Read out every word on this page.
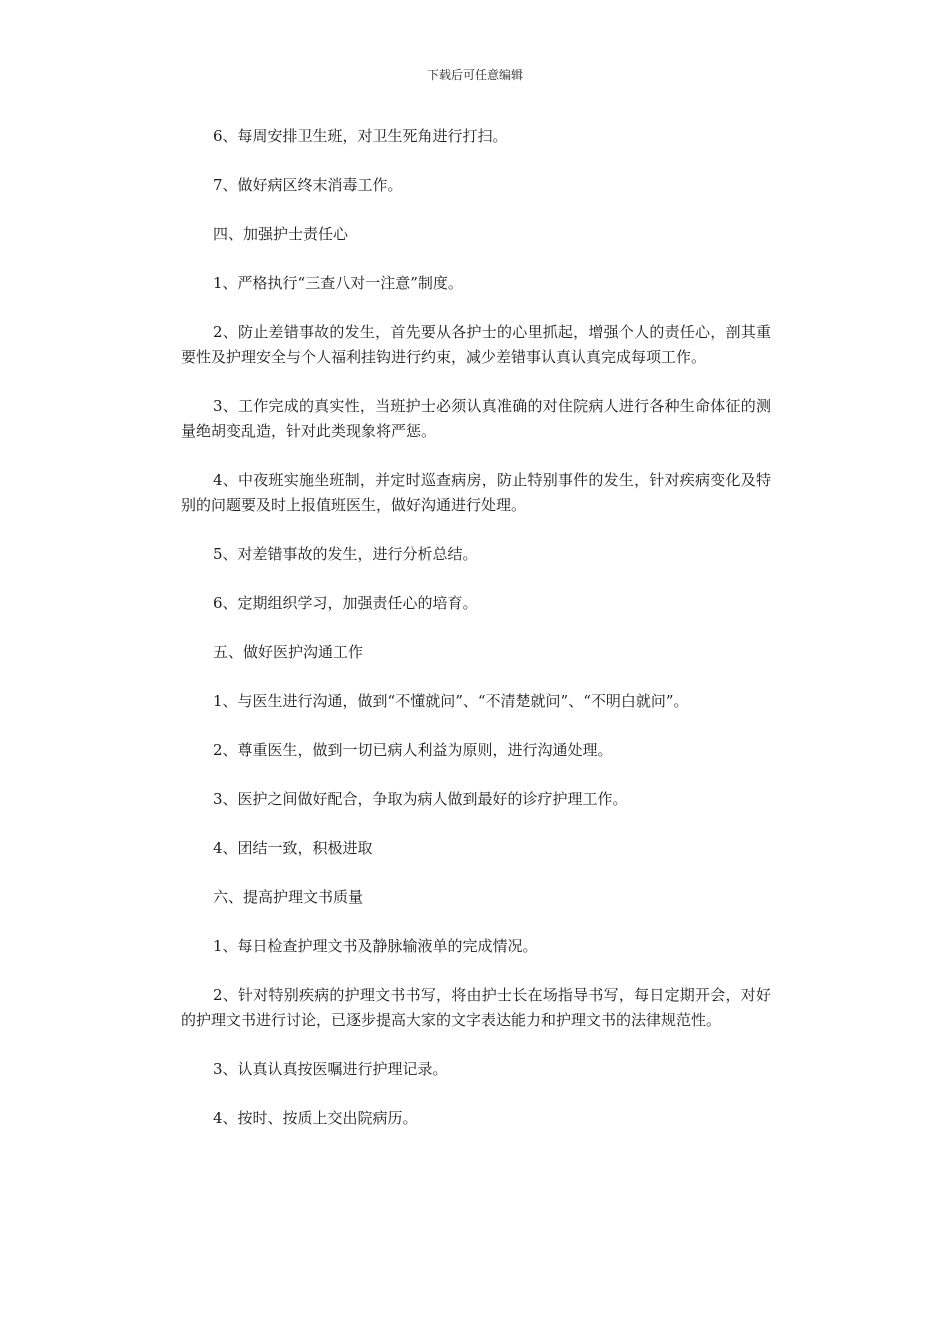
下载后可任意编辑

6、每周安排卫生班，对卫生死角进行打扫。

7、做好病区终末消毒工作。

四、加强护士责任心

1、严格执行“三查八对一注意”制度。

2、防止差错事故的发生，首先要从各护士的心里抓起，增强个人的责任心，剖其重要性及护理安全与个人福利挂钩进行约束，减少差错事认真认真完成每项工作。

3、工作完成的真实性，当班护士必须认真准确的对住院病人进行各种生命体征的测量绝胡变乱造，针对此类现象将严惩。

4、中夜班实施坐班制，并定时巡查病房，防止特别事件的发生，针对疾病变化及特别的问题要及时上报值班医生，做好沟通进行处理。

5、对差错事故的发生，进行分析总结。

6、定期组织学习，加强责任心的培育。

五、做好医护沟通工作

1、与医生进行沟通，做到“不懂就问”、“不清楚就问”、“不明白就问”。

2、尊重医生，做到一切已病人利益为原则，进行沟通处理。

3、医护之间做好配合，争取为病人做到最好的诊疗护理工作。

4、团结一致，积极进取

六、提高护理文书质量

1、每日检查护理文书及静脉输液单的完成情况。

2、针对特别疾病的护理文书书写，将由护士长在场指导书写，每日定期开会，对好的护理文书进行讨论，已逐步提高大家的文字表达能力和护理文书的法律规范性。

3、认真认真按医嘱进行护理记录。

4、按时、按质上交出院病历。
